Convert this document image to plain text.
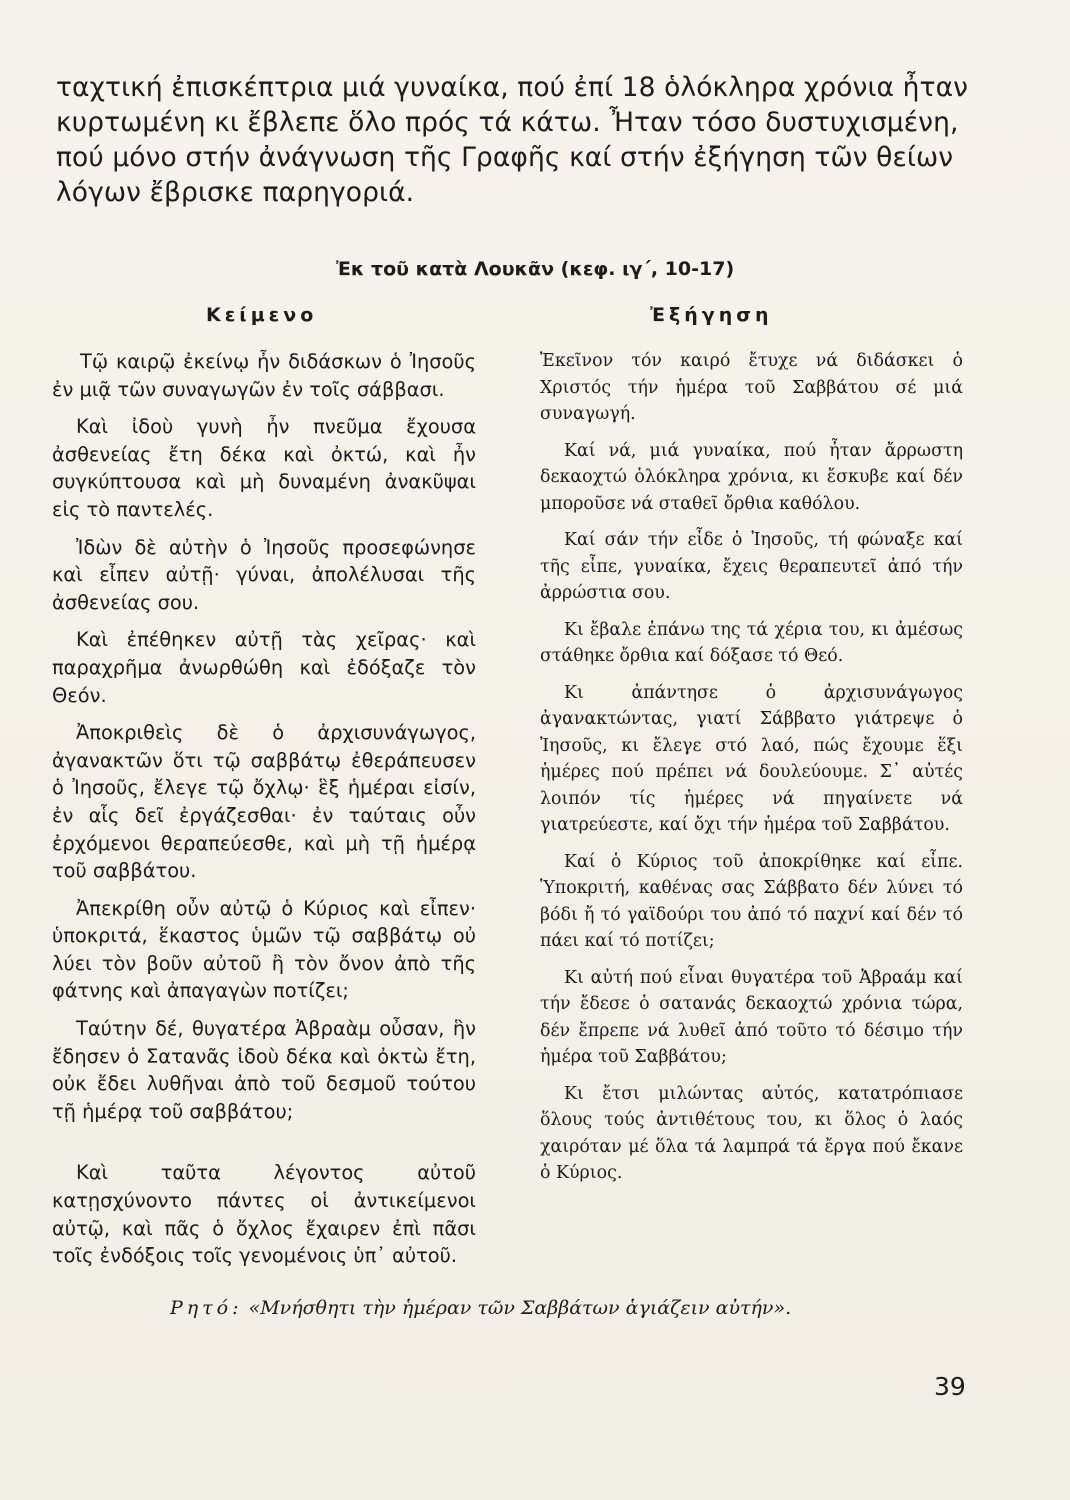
ταχτική ἐπισκέπτρια μιά γυναίκα, πού ἐπί 18 ὁλόκληρα χρόνια ἦταν

κυρτωμένη κι ἔβλεπε ὅλο πρός τά κάτω. Ἦταν τόσο δυστυχισμένη,

πού μόνο στήν ἀνάγνωση τῆς Γραφῆς καί στήν ἐξήγηση τῶν θείων

λόγων ἔβρισκε παρηγοριά.

Ἐκ τοῦ κατὰ Λουκᾶν (κεφ. ιγ΄, 10-17)
Κείμενο	Ἐξήγηση

Τῷ καιρῷ ἐκείνῳ ἦν διδάσκων ὁ Ἰησοῦς ἐν μιᾷ τῶν συναγωγῶν ἐν τοῖς σάββασι.

Καὶ ἰδοὺ γυνὴ ἦν πνεῦμα ἔχουσα ἀσθενείας ἔτη δέκα καὶ ὀκτώ, καὶ ἦν συγκύπτουσα καὶ μὴ δυναμένη ἀνακῦψαι εἰς τὸ παντελές.

Ἰδὼν δὲ αὐτὴν ὁ Ἰησοῦς προσεφώνησε καὶ εἶπεν αὐτῇ· γύναι, ἀπολέλυσαι τῆς ἀσθενείας σου.

Καὶ ἐπέθηκεν αὐτῇ τὰς χεῖρας· καὶ παραχρῆμα ἀνωρθώθη καὶ ἐδόξαζε τὸν Θεόν.

Ἀποκριθεὶς δὲ ὁ ἀρχισυνάγωγος, ἀγανακτῶν ὅτι τῷ σαββάτῳ ἐθεράπευσεν ὁ Ἰησοῦς, ἔλεγε τῷ ὄχλῳ· ἓξ ἡμέραι εἰσίν, ἐν αἷς δεῖ ἐργάζεσθαι· ἐν ταύταις οὖν ἐρχόμενοι θεραπεύεσθε, καὶ μὴ τῇ ἡμέρᾳ τοῦ σαββάτου.

Ἀπεκρίθη οὖν αὐτῷ ὁ Κύριος καὶ εἶπεν· ὑποκριτά, ἕκαστος ὑμῶν τῷ σαββάτῳ οὐ λύει τὸν βοῦν αὐτοῦ ἢ τὸν ὄνον ἀπὸ τῆς φάτνης καὶ ἀπαγαγὼν ποτίζει;

Ταύτην δέ, θυγατέρα Ἀβραὰμ οὖσαν, ἣν ἔδησεν ὁ Σατανᾶς ἰδοὺ δέκα καὶ ὀκτὼ ἔτη, οὐκ ἔδει λυθῆναι ἀπὸ τοῦ δεσμοῦ τούτου τῇ ἡμέρᾳ τοῦ σαββάτου;

Καὶ ταῦτα λέγοντος αὐτοῦ κατῃσχύνοντο πάντες οἱ ἀντικείμενοι αὐτῷ, καὶ πᾶς ὁ ὄχλος ἔχαιρεν ἐπὶ πᾶσι τοῖς ἐνδόξοις τοῖς γενομένοις ὑπ᾿ αὐτοῦ.

Ἐκεῖνον τόν καιρό ἔτυχε νά διδάσκει ὁ Χριστός τήν ἡμέρα τοῦ Σαββάτου σέ μιά συναγωγή.

Καί νά, μιά γυναίκα, πού ἦταν ἄρρωστη δεκαοχτώ ὁλόκληρα χρόνια, κι ἔσκυβε καί δέν μποροῦσε νά σταθεῖ ὄρθια καθόλου.

Καί σάν τήν εἶδε ὁ Ἰησοῦς, τή φώναξε καί τῆς εἶπε, γυναίκα, ἔχεις θεραπευτεῖ ἀπό τήν ἀρρώστια σου.

Κι ἔβαλε ἐπάνω της τά χέρια του, κι ἀμέσως στάθηκε ὄρθια καί δόξασε τό Θεό.

Κι ἀπάντησε ὁ ἀρχισυνάγωγος ἀγανακτώντας, γιατί Σάββατο γιάτρεψε ὁ Ἰησοῦς, κι ἔλεγε στό λαό, πώς ἔχουμε ἕξι ἡμέρες πού πρέπει νά δουλεύουμε. Σ᾿ αὐτές λοιπόν τίς ἡμέρες νά πηγαίνετε νά γιατρεύεστε, καί ὄχι τήν ἡμέρα τοῦ Σαββάτου.

Καί ὁ Κύριος τοῦ ἀποκρίθηκε καί εἶπε. Ὑποκριτή, καθένας σας Σάββατο δέν λύνει τό βόδι ἤ τό γαϊδούρι του ἀπό τό παχνί καί δέν τό πάει καί τό ποτίζει;

Κι αὐτή πού εἶναι θυγατέρα τοῦ Ἀβραάμ καί τήν ἔδεσε ὁ σατανάς δεκαοχτώ χρόνια τώρα, δέν ἔπρεπε νά λυθεῖ ἀπό τοῦτο τό δέσιμο τήν ἡμέρα τοῦ Σαββάτου;

Κι ἔτσι μιλώντας αὐτός, κατατρόπιασε ὅλους τούς ἀντιθέτους του, κι ὅλος ὁ λαός χαιρόταν μέ ὅλα τά λαμπρά τά ἔργα πού ἔκανε ὁ Κύριος.

Ρητό: «Μνήσθητι τὴν ἡμέραν τῶν Σαββάτων ἁγιάζειν αὐτήν».
39
